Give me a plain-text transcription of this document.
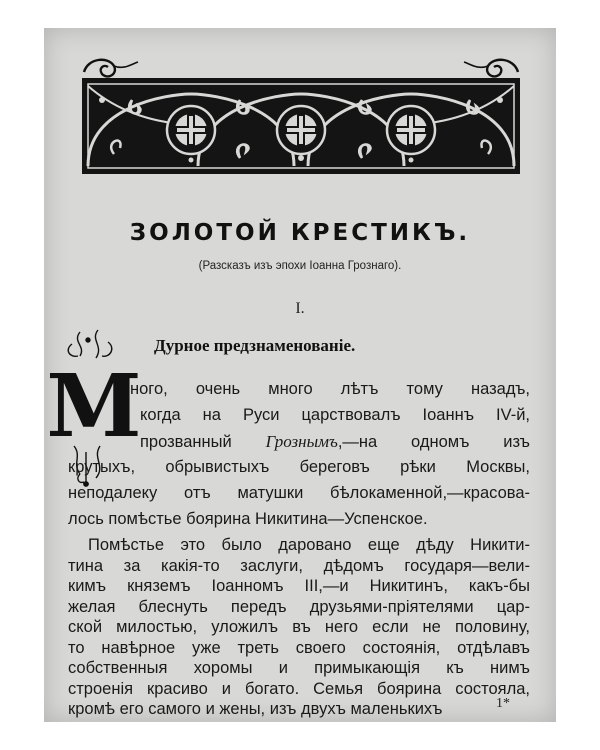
ЗОЛОТОЙ КРЕСТИКЪ.
(Разсказъ изъ эпохи Іоанна Грознаго).
I.
М
Дурное предзнаменованіе.
ного, очень много лѣтъ тому назадъ,
когда на Руси царствовалъ Іоаннъ IV-й,
прозванный Грознымъ,—на одномъ изъ
крутыхъ, обрывистыхъ береговъ рѣки Москвы,
неподалеку отъ матушки бѣлокаменной,—красова-
лось помѣстье боярина Никитина—Успенское.
1*
Помѣстье это было даровано еще дѣду Никити-
тина за какія-то заслуги, дѣдомъ государя—вели-
кимъ княземъ Іоанномъ III,—и Никитинъ, какъ-бы
желая блеснуть передъ друзьями-пріятелями цар-
ской милостью, уложилъ въ него если не половину,
то навѣрное уже треть своего состоянія, отдѣлавъ
собственныя хоромы и примыкающія къ нимъ
строенія красиво и богато. Семья боярина состояла,
кромѣ его самого и жены, изъ двухъ маленькихъ
